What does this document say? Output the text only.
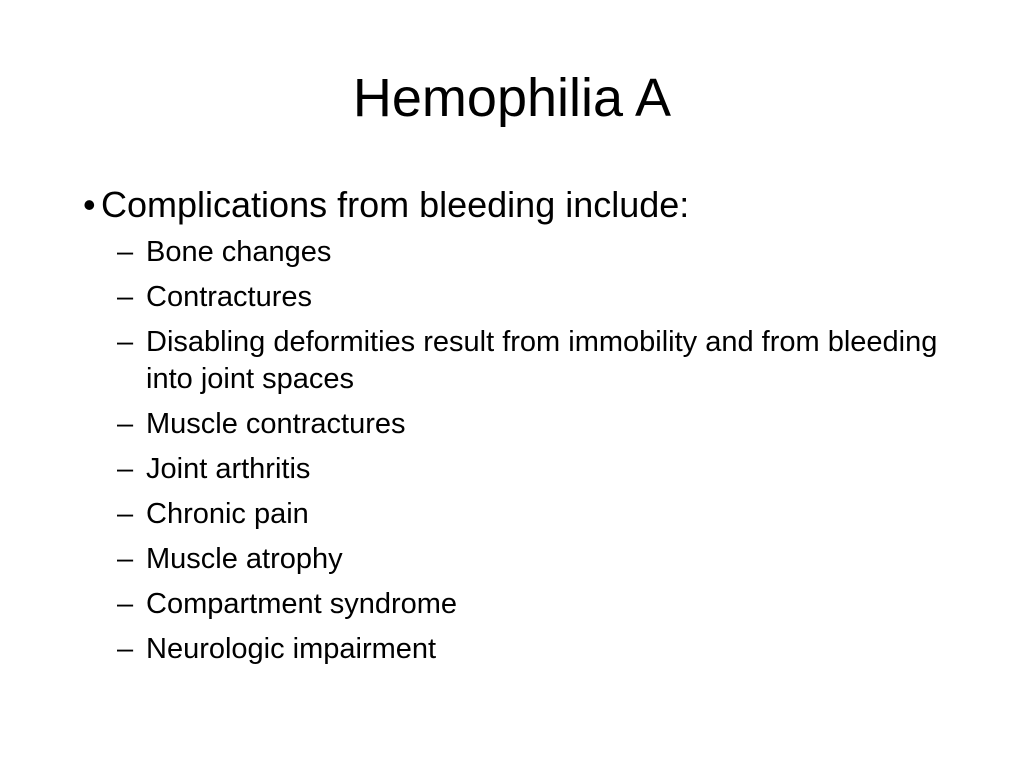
Hemophilia A
• Complications from bleeding include:
– Bone changes
– Contractures
– Disabling deformities result from immobility and from bleeding into joint spaces
– Muscle contractures
– Joint arthritis
– Chronic pain
– Muscle atrophy
– Compartment syndrome
– Neurologic impairment
